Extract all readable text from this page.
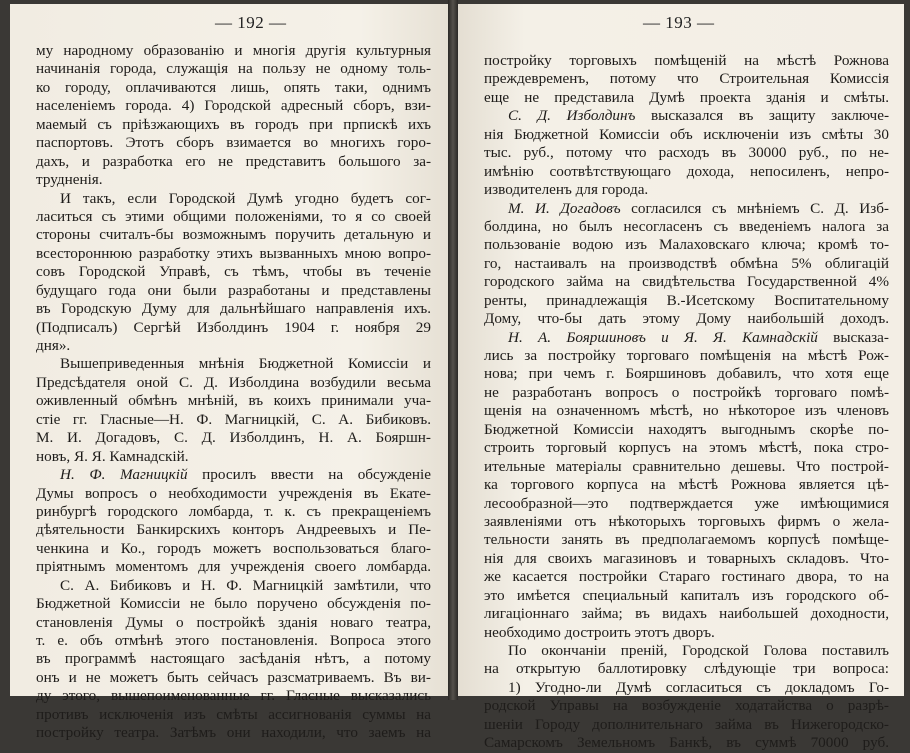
— 192 —
му народному образованію и многія другія культурныя
начинанія города, служащія на пользу не одному толь-
ко городу, оплачиваются лишь, опять таки, однимъ
населеніемъ города. 4) Городской адресный сборъ, взи-
маемый съ пріѣзжающихъ въ городъ при прпискѣ ихъ
паспортовъ. Этотъ сборъ взимается во многихъ горо-
дахъ, и разработка его не представитъ большого за-
трудненія.
И такъ, если Городской Думѣ угодно будетъ сог-
ласиться съ этими общими положеніями, то я со своей
стороны считалъ-бы возможнымъ поручить детальную и
всестороннюю разработку этихъ вызванныхъ мною вопро-
совъ Городской Управѣ, съ тѣмъ, чтобы въ теченіе
будущаго года они были разработаны и представлены
въ Городскую Думу для дальнѣйшаго направленія ихъ.
(Подписалъ) Сергѣй Изболдинъ 1904 г. ноября 29
дня».
Вышеприведенныя мнѣнія Бюджетной Комиссіи и
Предсѣдателя оной С. Д. Изболдина возбудили весьма
оживленный обмѣнъ мнѣній, въ коихъ принимали уча-
стіе гг. Гласные—Н. Ф. Магницкій, С. А. Бибиковъ.
М. И. Догадовъ, С. Д. Изболдинъ, Н. А. Бояршн-
новъ, Я. Я. Камнадскій.
Н. Ф. Магницкій просилъ ввести на обсужденіе
Думы вопросъ о необходимости учрежденія въ Екате-
ринбургѣ городского ломбарда, т. к. съ прекращеніемъ
дѣятельности Банкирскихъ конторъ Андреевыхъ и Пе-
ченкина и Ко., городъ можетъ воспользоваться благо-
пріятнымъ моментомъ для учрежденія своего ломбарда.
С. А. Бибиковъ и Н. Ф. Магницкій замѣтили, что
Бюджетной Комиссіи не было поручено обсужденія по-
становленія Думы о постройкѣ зданія новаго театра,
т. е. объ отмѣнѣ этого постановленія. Вопроса этого
въ программѣ настоящаго засѣданія нѣтъ, а потому
онъ и не можетъ быть сейчасъ разсматриваемъ. Въ ви-
ду этого, вышепоименованные гг. Гласные высказались
противъ исключенія изъ смѣты ассигнованія суммы на
постройку театра. Затѣмъ они находили, что заемъ на
— 193 —
постройку торговыхъ помѣщеній на мѣстѣ Рожнова
преждевременъ, потому что Строительная Комиссія
еще не представила Думѣ проекта зданія и смѣты.
С. Д. Изболдинъ высказался въ защиту заключе-
нія Бюджетной Комиссіи объ исключеніи изъ смѣты 30
тыс. руб., потому что расходъ въ 30000 руб., по не-
имѣнію соотвѣтствующаго дохода, непосиленъ, непро-
изводителенъ для города.
М. И. Догадовъ согласился съ мнѣніемъ С. Д. Изб-
болдина, но былъ несогласенъ съ введеніемъ налога за
пользованіе водою изъ Малаховскаго ключа; кромѣ то-
го, настаивалъ на производствѣ обмѣна 5% облигацій
городского займа на свидѣтельства Государственной 4%
ренты, принадлежащія В.-Исетскому Воспитательному
Дому, что-бы дать этому Дому наибольшій доходъ.
Н. А. Бояршиновъ и Я. Я. Камнадскій высказа-
лись за постройку торговаго помѣщенія на мѣстѣ Рож-
нова; при чемъ г. Бояршиновъ добавилъ, что хотя еще
не разработанъ вопросъ о постройкѣ торговаго помѣ-
щенія на означенномъ мѣстѣ, но нѣкоторое изъ членовъ
Бюджетной Комиссіи находятъ выгоднымъ скорѣе по-
строить торговый корпусъ на этомъ мѣстѣ, пока стро-
ительные матеріалы сравнительно дешевы. Что построй-
ка торгового корпуса на мѣстѣ Рожнова является цѣ-
лесообразной—это подтверждается уже имѣющимися
заявленіями отъ нѣкоторыхъ торговыхъ фирмъ о жела-
тельности занять въ предполагаемомъ корпусѣ помѣще-
нія для своихъ магазиновъ и товарныхъ складовъ. Что-
же касается постройки Стараго гостинаго двора, то на
это имѣется специальный капиталъ изъ городского об-
лигаціоннаго займа; въ видахъ наибольшей доходности,
необходимо достроить этотъ дворъ.
По окончаніи преній, Городской Голова поставилъ
на открытую баллотировку слѣдующіе три вопроса:
1) Угодно-ли Думѣ согласиться съ докладомъ Го-
родской Управы на возбужденіе ходатайства о разрѣ-
шеніи Городу дополнительнаго займа въ Нижегородско-
Самарскомъ Земельномъ Банкѣ, въ суммѣ 70000 руб.
